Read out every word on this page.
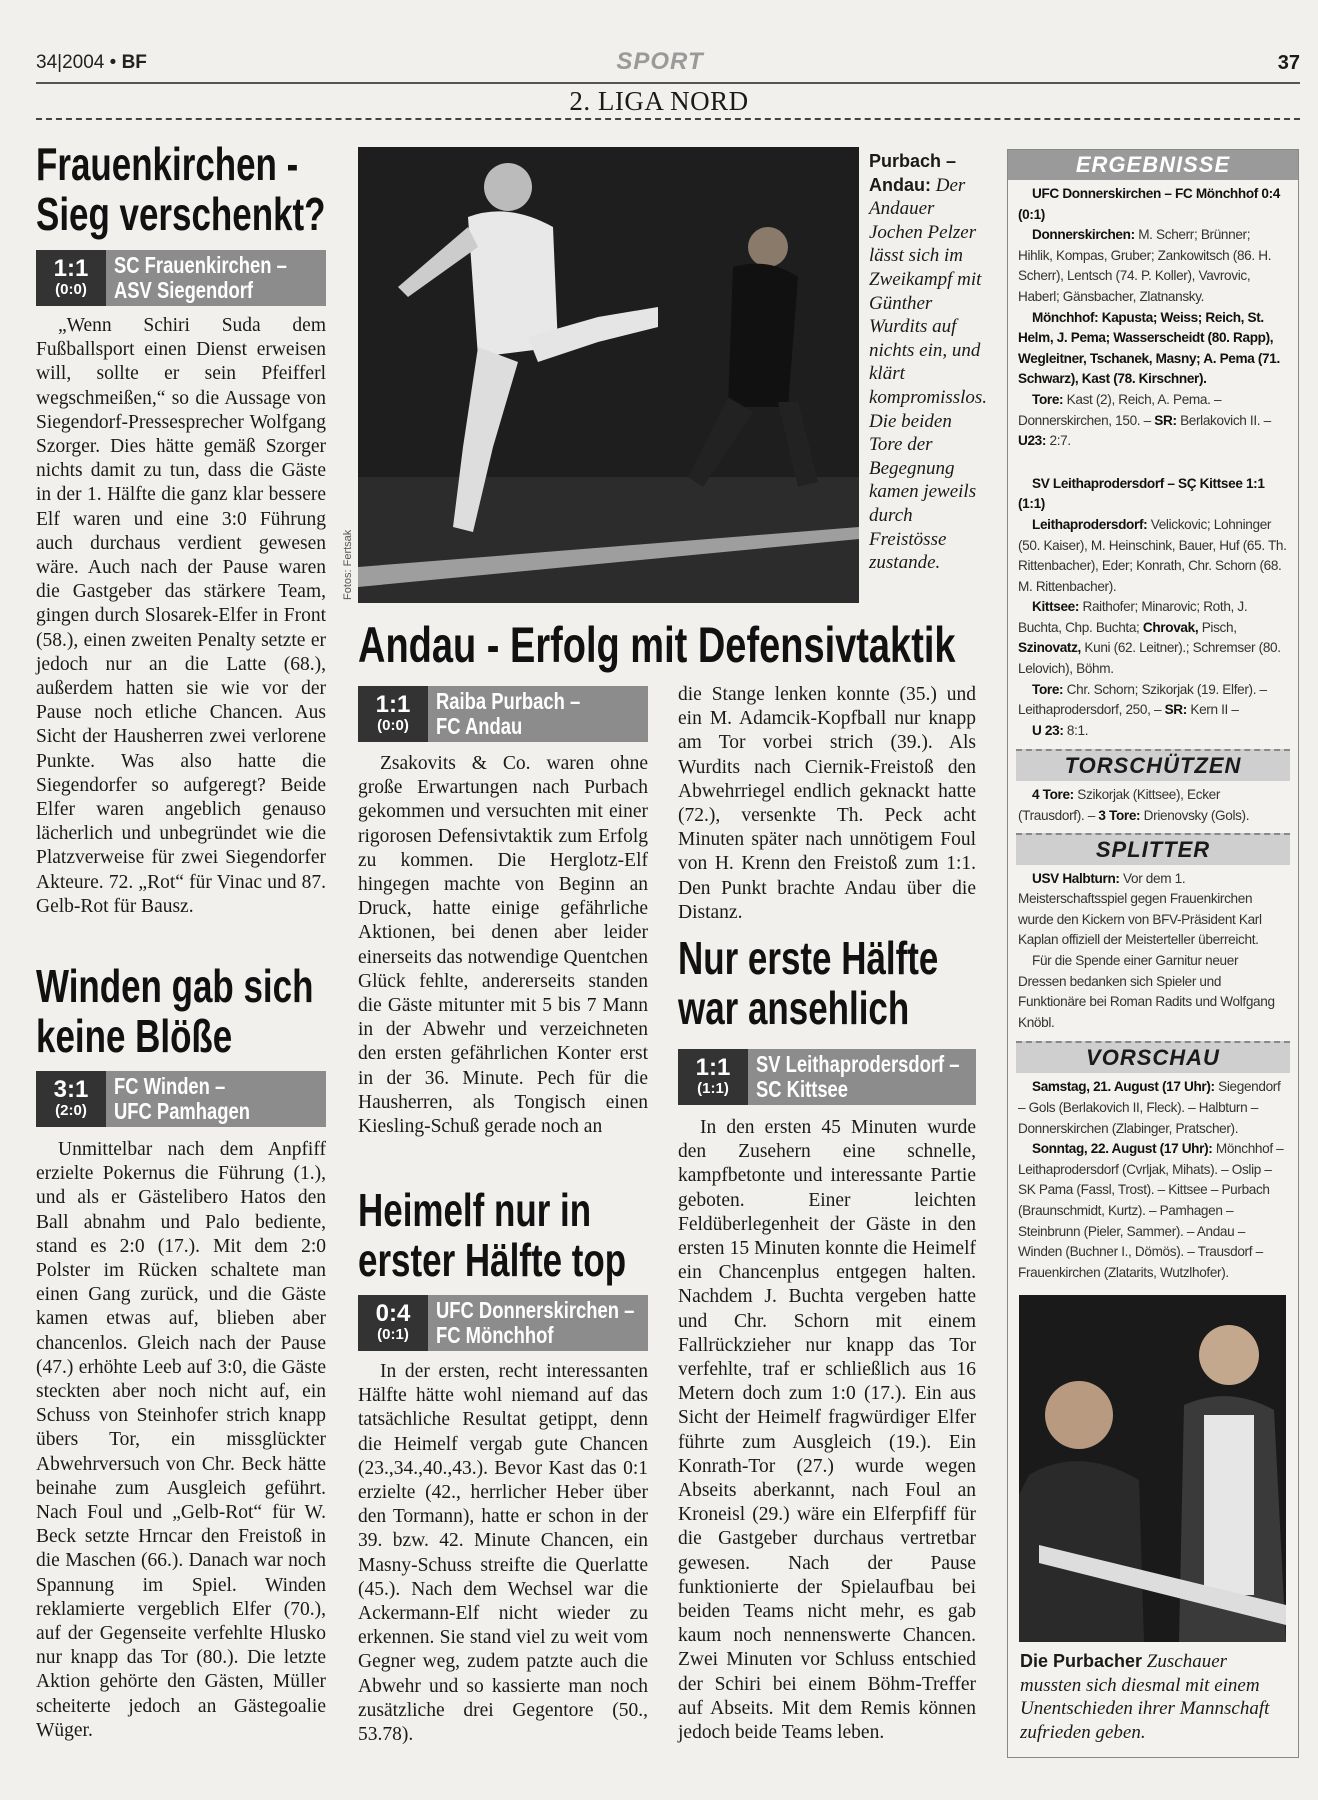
34|2004 • BF	SPORT	37
2. LIGA NORD
Frauenkirchen -
Sieg verschenkt?
1:1
(0:0)
SC Frauenkirchen –
ASV Siegendorf

„Wenn Schiri Suda dem Fußballsport einen Dienst erweisen will, sollte er sein Pfeifferl wegschmeißen,“ so die Aussage von Siegendorf-Pressesprecher Wolfgang Szorger. Dies hätte gemäß Szorger nichts damit zu tun, dass die Gäste in der 1. Hälfte die ganz klar bessere Elf waren und eine 3:0 Führung auch durchaus verdient gewesen wäre. Auch nach der Pause waren die Gastgeber das stärkere Team, gingen durch Slosarek-Elfer in Front (58.), einen zweiten Penalty setzte er jedoch nur an die Latte (68.), außerdem hatten sie wie vor der Pause noch etliche Chancen. Aus Sicht der Hausherren zwei verlorene Punkte. Was also hatte die Siegendorfer so aufgeregt? Beide Elfer waren angeblich genauso lächerlich und unbegründet wie die Platzverweise für zwei Siegendorfer Akteure. 72. „Rot“ für Vinac und 87. Gelb-Rot für Bausz.

Winden gab sich
keine Blöße
3:1
(2:0)
FC Winden –
UFC Pamhagen

Unmittelbar nach dem Anpfiff erzielte Pokernus die Führung (1.), und als er Gästelibero Hatos den Ball abnahm und Palo bediente, stand es 2:0 (17.). Mit dem 2:0 Polster im Rücken schaltete man einen Gang zurück, und die Gäste kamen etwas auf, blieben aber chancenlos. Gleich nach der Pause (47.) erhöhte Leeb auf 3:0, die Gäste steckten aber noch nicht auf, ein Schuss von Steinhofer strich knapp übers Tor, ein missglückter Abwehrversuch von Chr. Beck hätte beinahe zum Ausgleich geführt. Nach Foul und „Gelb-Rot“ für W. Beck setzte Hrncar den Freistoß in die Maschen (66.). Danach war noch Spannung im Spiel. Winden reklamierte vergeblich Elfer (70.), auf der Gegenseite verfehlte Hlusko nur knapp das Tor (80.). Die letzte Aktion gehörte den Gästen, Müller scheiterte jedoch an Gästegoalie Wüger.

Fotos: Fertsak
Purbach – Andau: Der Andauer Jochen Pelzer lässt sich im Zweikampf mit Günther Wurdits auf nichts ein, und klärt kompromisslos. Die beiden Tore der Begegnung kamen jeweils durch Freistösse zustande.
Andau - Erfolg mit Defensivtaktik
1:1
(0:0)
Raiba Purbach –
FC Andau

Zsakovits & Co. waren ohne große Erwartungen nach Purbach gekommen und versuchten mit einer rigorosen Defensivtaktik zum Erfolg zu kommen. Die Herglotz-Elf hingegen machte von Beginn an Druck, hatte einige gefährliche Aktionen, bei denen aber leider einerseits das notwendige Quentchen Glück fehlte, andererseits standen die Gäste mitunter mit 5 bis 7 Mann in der Abwehr und verzeichneten den ersten gefährlichen Konter erst in der 36. Minute. Pech für die Hausherren, als Tongisch einen Kiesling-Schuß gerade noch an

die Stange lenken konnte (35.) und ein M. Adamcik-Kopfball nur knapp am Tor vorbei strich (39.). Als Wurdits nach Ciernik-Freistoß den Abwehrriegel endlich geknackt hatte (72.), versenkte Th. Peck acht Minuten später nach unnötigem Foul von H. Krenn den Freistoß zum 1:1. Den Punkt brachte Andau über die Distanz.

Heimelf nur in
erster Hälfte top
0:4
(0:1)
UFC Donnerskirchen –
FC Mönchhof

In der ersten, recht interessanten Hälfte hätte wohl niemand auf das tatsächliche Resultat getippt, denn die Heimelf vergab gute Chancen (23.,34.,40.,43.). Bevor Kast das 0:1 erzielte (42., herrlicher Heber über den Tormann), hatte er schon in der 39. bzw. 42. Minute Chancen, ein Masny-Schuss streifte die Querlatte (45.). Nach dem Wechsel war die Ackermann-Elf nicht wieder zu erkennen. Sie stand viel zu weit vom Gegner weg, zudem patzte auch die Abwehr und so kassierte man noch zusätzliche drei Gegentore (50., 53.78).

Nur erste Hälfte
war ansehlich
1:1
(1:1)
SV Leithaprodersdorf –
SC Kittsee

In den ersten 45 Minuten wurde den Zusehern eine schnelle, kampfbetonte und interessante Partie geboten. Einer leichten Feldüberlegenheit der Gäste in den ersten 15 Minuten konnte die Heimelf ein Chancenplus entgegen halten. Nachdem J. Buchta vergeben hatte und Chr. Schorn mit einem Fallrückzieher nur knapp das Tor verfehlte, traf er schließlich aus 16 Metern doch zum 1:0 (17.). Ein aus Sicht der Heimelf fragwürdiger Elfer führte zum Ausgleich (19.). Ein Konrath-Tor (27.) wurde wegen Abseits aberkannt, nach Foul an Kroneisl (29.) wäre ein Elferpfiff für die Gastgeber durchaus vertretbar gewesen. Nach der Pause funktionierte der Spielaufbau bei beiden Teams nicht mehr, es gab kaum noch nennenswerte Chancen. Zwei Minuten vor Schluss entschied der Schiri bei einem Böhm-Treffer auf Abseits. Mit dem Remis können jedoch beide Teams leben.

ERGEBNISSE

UFC Donnerskirchen – FC Mönchhof 0:4 (0:1)

Donnerskirchen: M. Scherr; Brünner; Hihlik, Kompas, Gruber; Zankowitsch (86. H. Scherr), Lentsch (74. P. Koller), Vavrovic, Haberl; Gänsbacher, Zlatnansky.

Mönchhof: Kapusta; Weiss; Reich, St. Helm, J. Pema; Wasserscheidt (80. Rapp), Wegleitner, Tschanek, Masny; A. Pema (71. Schwarz), Kast (78. Kirschner).

Tore: Kast (2), Reich, A. Pema. –Donnerskirchen, 150. – SR: Berlakovich II. – U23: 2:7.

SV Leithaprodersdorf – SÇ Kittsee 1:1 (1:1)

Leithaprodersdorf: Velickovic; Lohninger (50. Kaiser), M. Heinschink, Bauer, Huf (65. Th. Rittenbacher), Eder; Konrath, Chr. Schorn (68. M. Rittenbacher).

Kittsee: Raithofer; Minarovic; Roth, J. Buchta, Chp. Buchta; Chrovak, Pisch, Szinovatz, Kuni (62. Leitner).; Schremser (80. Lelovich), Böhm.

Tore: Chr. Schorn; Szikorjak (19. Elfer). – Leithaprodersdorf, 250, – SR: Kern II –

U 23: 8:1.

TORSCHÜTZEN

4 Tore: Szikorjak (Kittsee), Ecker (Trausdorf). – 3 Tore: Drienovsky (Gols).

SPLITTER

USV Halbturn: Vor dem 1. Meisterschaftsspiel gegen Frauenkirchen wurde den Kickern von BFV-Präsident Karl Kaplan offiziell der Meisterteller überreicht.

Für die Spende einer Garnitur neuer Dressen bedanken sich Spieler und Funktionäre bei Roman Radits und Wolfgang Knöbl.

VORSCHAU

Samstag, 21. August (17 Uhr): Siegendorf – Gols (Berlakovich II, Fleck). – Halbturn – Donnerskirchen (Zlabinger, Pratscher).

Sonntag, 22. August (17 Uhr): Mönchhof – Leithaprodersdorf (Cvrljak, Mihats). – Oslip – SK Pama (Fassl, Trost). – Kittsee – Purbach (Braunschmidt, Kurtz). – Pamhagen – Steinbrunn (Pieler, Sammer). – Andau – Winden (Buchner I., Dömös). – Trausdorf – Frauenkirchen (Zlatarits, Wutzlhofer).

Die Purbacher Zuschauer mussten sich diesmal mit einem Unentschieden ihrer Mannschaft zufrieden geben.
